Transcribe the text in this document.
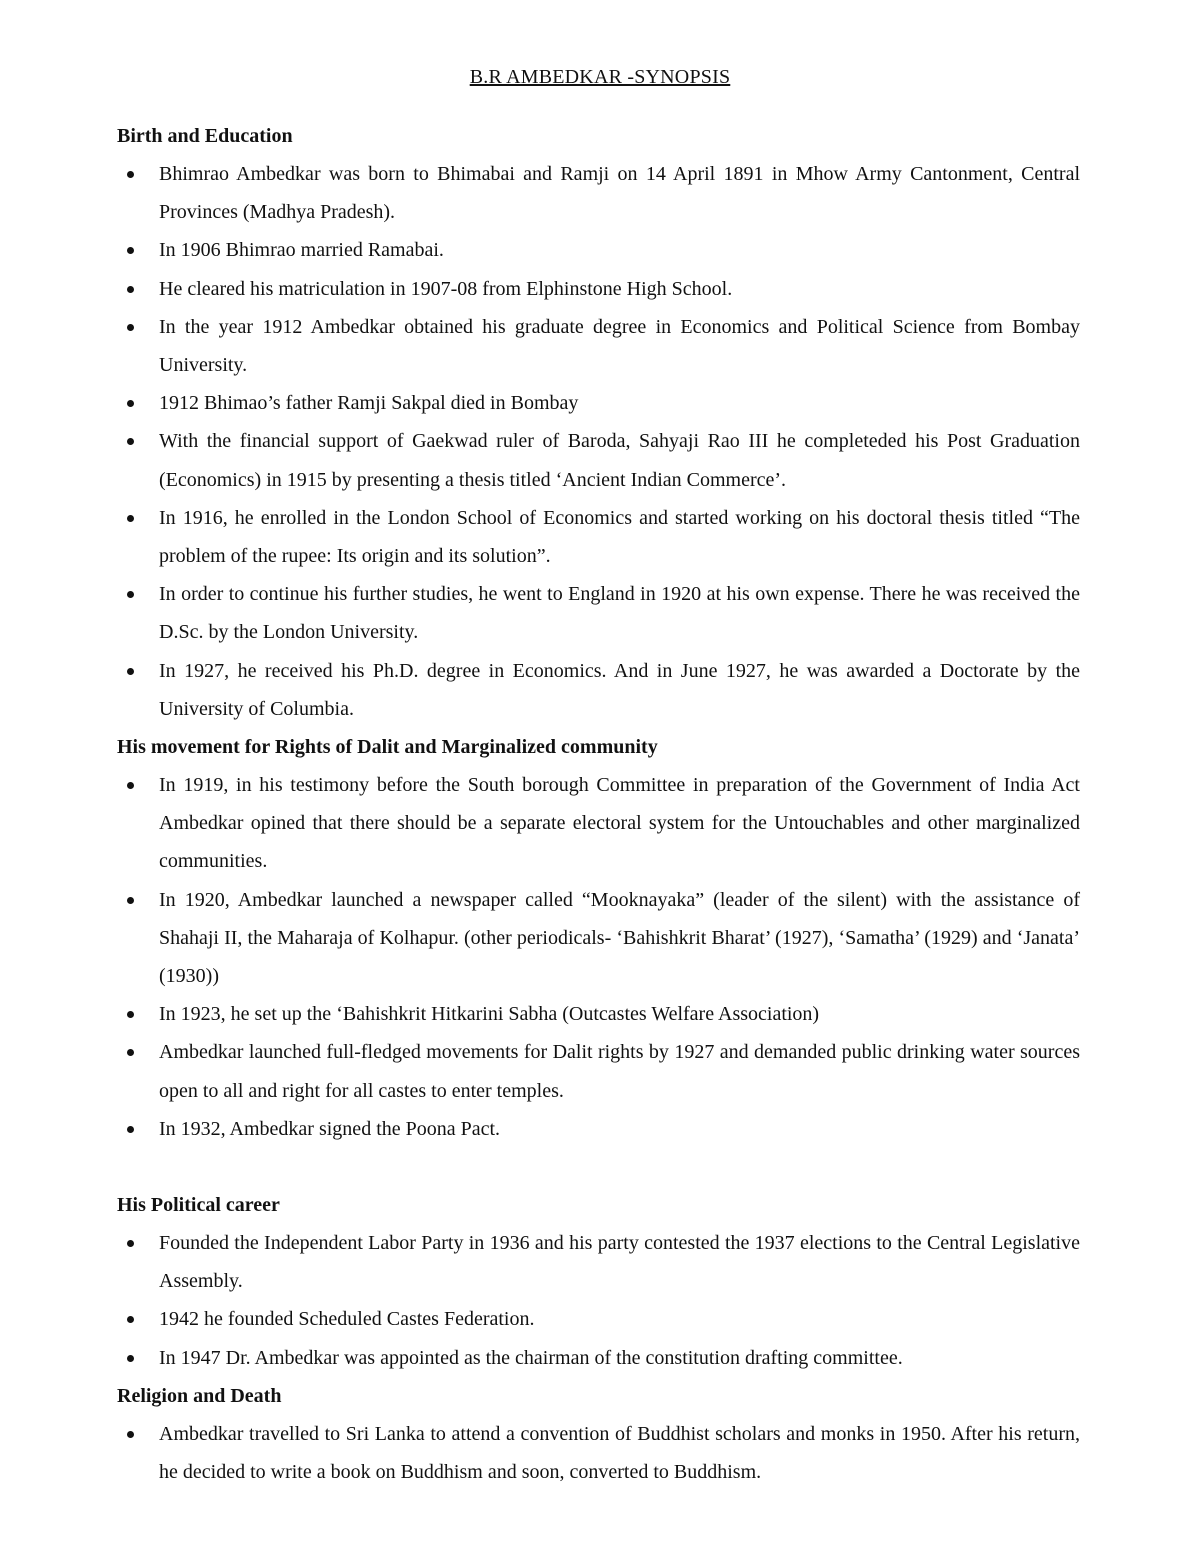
B.R AMBEDKAR -SYNOPSIS
Birth and Education
Bhimrao Ambedkar was born to Bhimabai and Ramji on 14 April 1891 in Mhow Army Cantonment, Central Provinces (Madhya Pradesh).
In 1906 Bhimrao married Ramabai.
He cleared his matriculation in 1907-08 from Elphinstone High School.
In the year 1912 Ambedkar obtained his graduate degree in Economics and Political Science from Bombay University.
1912 Bhimao’s father Ramji Sakpal died in Bombay
With the financial support of Gaekwad ruler of Baroda, Sahyaji Rao III he completeded his Post Graduation (Economics) in 1915 by presenting a thesis titled ‘Ancient Indian Commerce’.
In 1916, he enrolled in the London School of Economics and started working on his doctoral thesis titled “The problem of the rupee: Its origin and its solution”.
In order to continue his further studies, he went to England in 1920 at his own expense. There he was received the D.Sc. by the London University.
In 1927, he received his Ph.D. degree in Economics. And in June 1927, he was awarded a Doctorate by the University of Columbia.
His movement for Rights of Dalit and Marginalized community
In 1919, in his testimony before the South borough Committee in preparation of the Government of India Act Ambedkar opined that there should be a separate electoral system for the Untouchables and other marginalized communities.
In 1920, Ambedkar launched a newspaper called “Mooknayaka” (leader of the silent) with the assistance of Shahaji II, the Maharaja of Kolhapur. (other periodicals- ‘Bahishkrit Bharat’ (1927), ‘Samatha’ (1929) and ‘Janata’ (1930))
In 1923, he set up the ‘Bahishkrit Hitkarini Sabha (Outcastes Welfare Association)
Ambedkar launched full-fledged movements for Dalit rights by 1927 and demanded public drinking water sources open to all and right for all castes to enter temples.
In 1932, Ambedkar signed the Poona Pact.
His Political career
Founded the Independent Labor Party in 1936 and his party contested the 1937 elections to the Central Legislative Assembly.
1942 he founded Scheduled Castes Federation.
In 1947 Dr. Ambedkar was appointed as the chairman of the constitution drafting committee.
Religion and Death
Ambedkar travelled to Sri Lanka to attend a convention of Buddhist scholars and monks in 1950. After his return, he decided to write a book on Buddhism and soon, converted to Buddhism.
